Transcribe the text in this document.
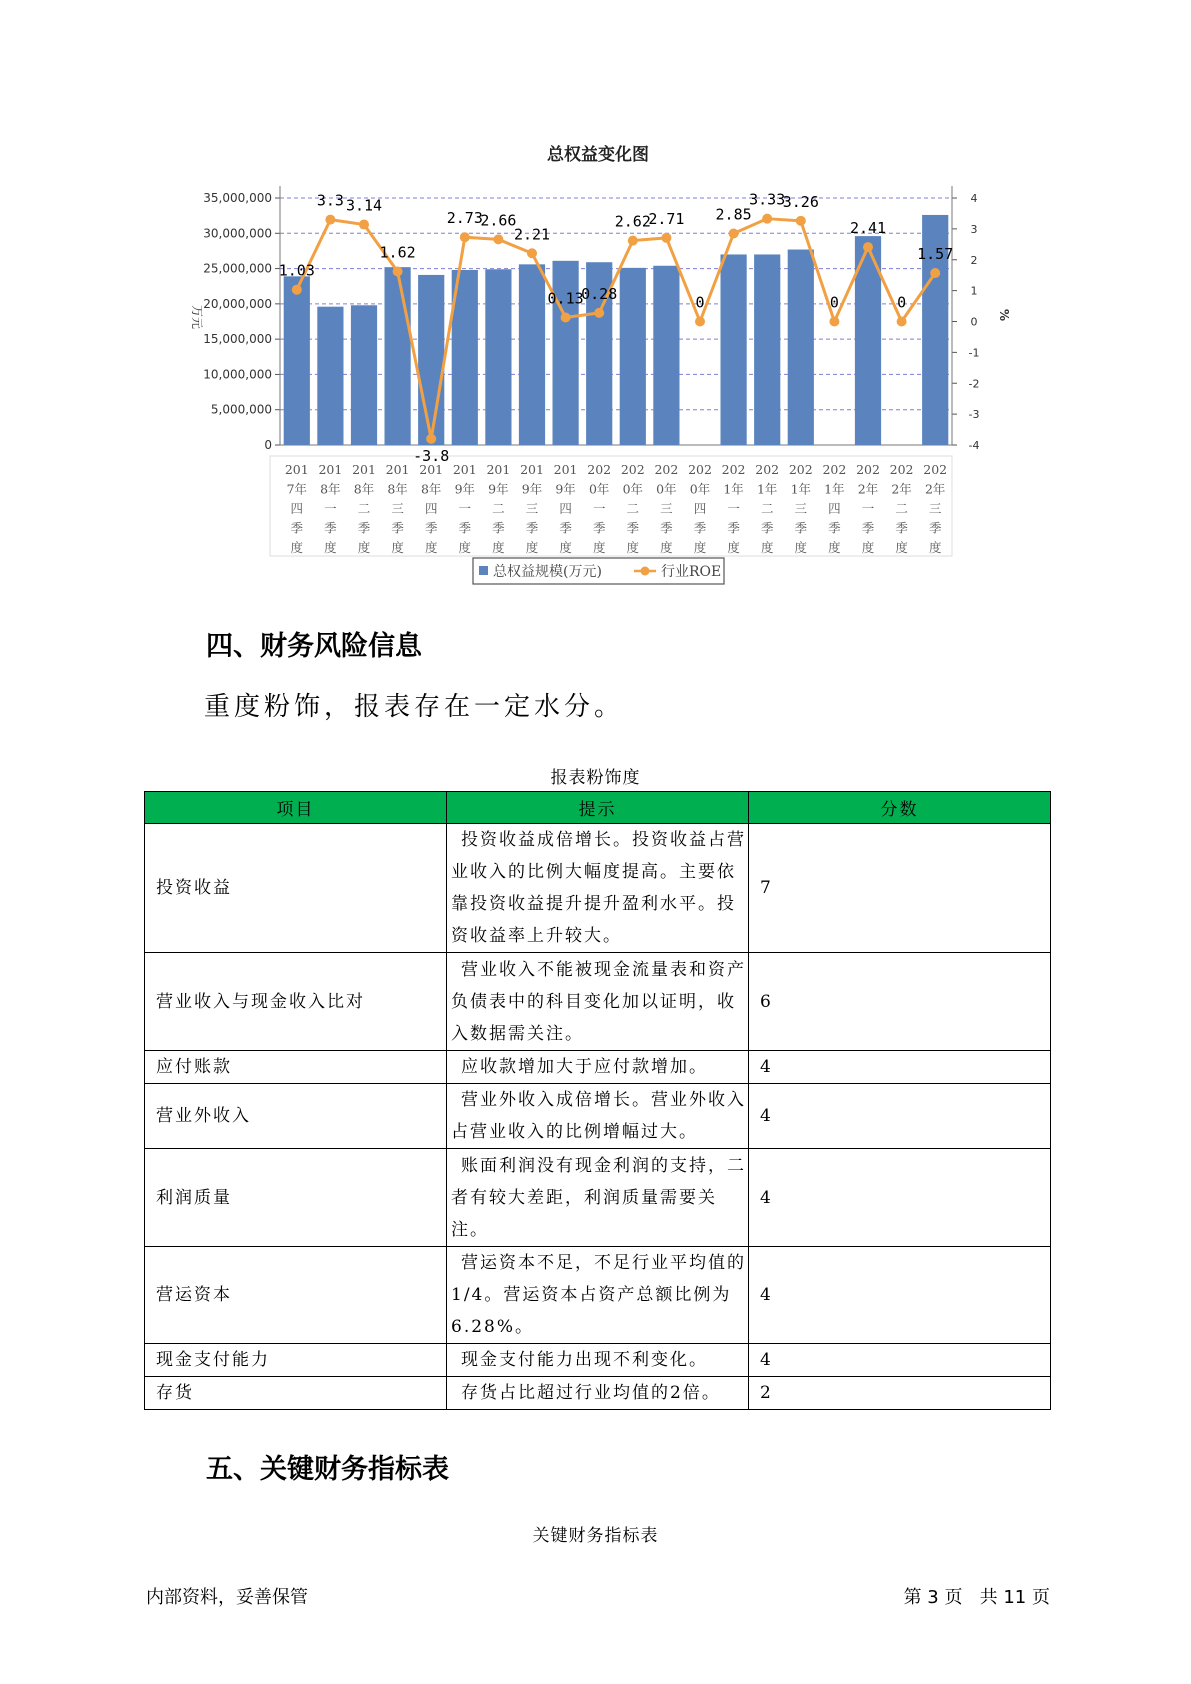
总权益变化图
0
5,000,000
10,000,000
15,000,000
20,000,000
25,000,000
30,000,000
35,000,000
-4
-3
-2
-1
0
1
2
3
4
万元	%
201
7年
四
季
度
201
8年
一
季
度
201
8年
二
季
度
201
8年
三
季
度
201
8年
四
季
度
201
9年
一
季
度
201
9年
二
季
度
201
9年
三
季
度
201
9年
四
季
度
202
0年
一
季
度
202
0年
二
季
度
202
0年
三
季
度
202
0年
四
季
度
202
1年
一
季
度
202
1年
二
季
度
202
1年
三
季
度
202
1年
四
季
度
202
2年
一
季
度
202
2年
二
季
度
202
2年
三
季
度
1.03
3.3 3.14
1.62
-3.8
2.73
2.66
2.21
0.13
0.28
2.62
2.71
0
2.85
3.33
3.26
0
2.41
0
1.57
总权益规模(万元)	行业ROE
四、财务风险信息

重度粉饰，报表存在一定水分。

报表粉饰度
项目	提示	分数
投资收益	投资收益成倍增长。投资收益占营业收入的比例大幅度提高。主要依靠投资收益提升提升盈利水平。投资收益率上升较大。	7
营业收入与现金收入比对	营业收入不能被现金流量表和资产负债表中的科目变化加以证明，收入数据需关注。	6
应付账款	应收款增加大于应付款增加。	4
营业外收入	营业外收入成倍增长。营业外收入占营业收入的比例增幅过大。	4
利润质量	账面利润没有现金利润的支持，二者有较大差距，利润质量需要关注。	4
营运资本	营运资本不足，不足行业平均值的1/4。营运资本占资产总额比例为6.28%。	4
现金支付能力	现金支付能力出现不利变化。	4
存货	存货占比超过行业均值的2倍。	2
五、关键财务指标表
关键财务指标表
内部资料，妥善保管	第 3 页   共 11 页
